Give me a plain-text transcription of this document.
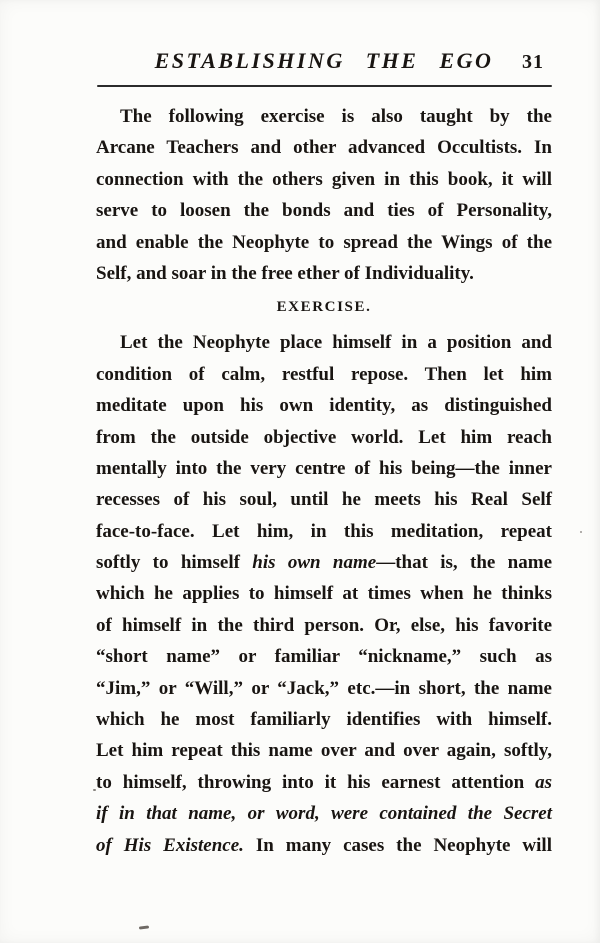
ESTABLISHING THE EGO 31
The following exercise is also taught by the
Arcane Teachers and other advanced Occultists. In
connection with the others given in this book, it will
serve to loosen the bonds and ties of Personality,
and enable the Neophyte to spread the Wings of the
Self, and soar in the free ether of Individuality.
EXERCISE.
Let the Neophyte place himself in a position and
condition of calm, restful repose. Then let him
meditate upon his own identity, as distinguished
from the outside objective world. Let him reach
mentally into the very centre of his being—the inner
recesses of his soul, until he meets his Real Self
face-to-face. Let him, in this meditation, repeat
softly to himself his own name—that is, the name
which he applies to himself at times when he thinks
of himself in the third person. Or, else, his favorite
“short name” or familiar “nickname,” such as
“Jim,” or “Will,” or “Jack,” etc.—in short, the name
which he most familiarly identifies with himself.
Let him repeat this name over and over again, softly,
to himself, throwing into it his earnest attention as
if in that name, or word, were contained the Secret
of His Existence. In many cases the Neophyte will
